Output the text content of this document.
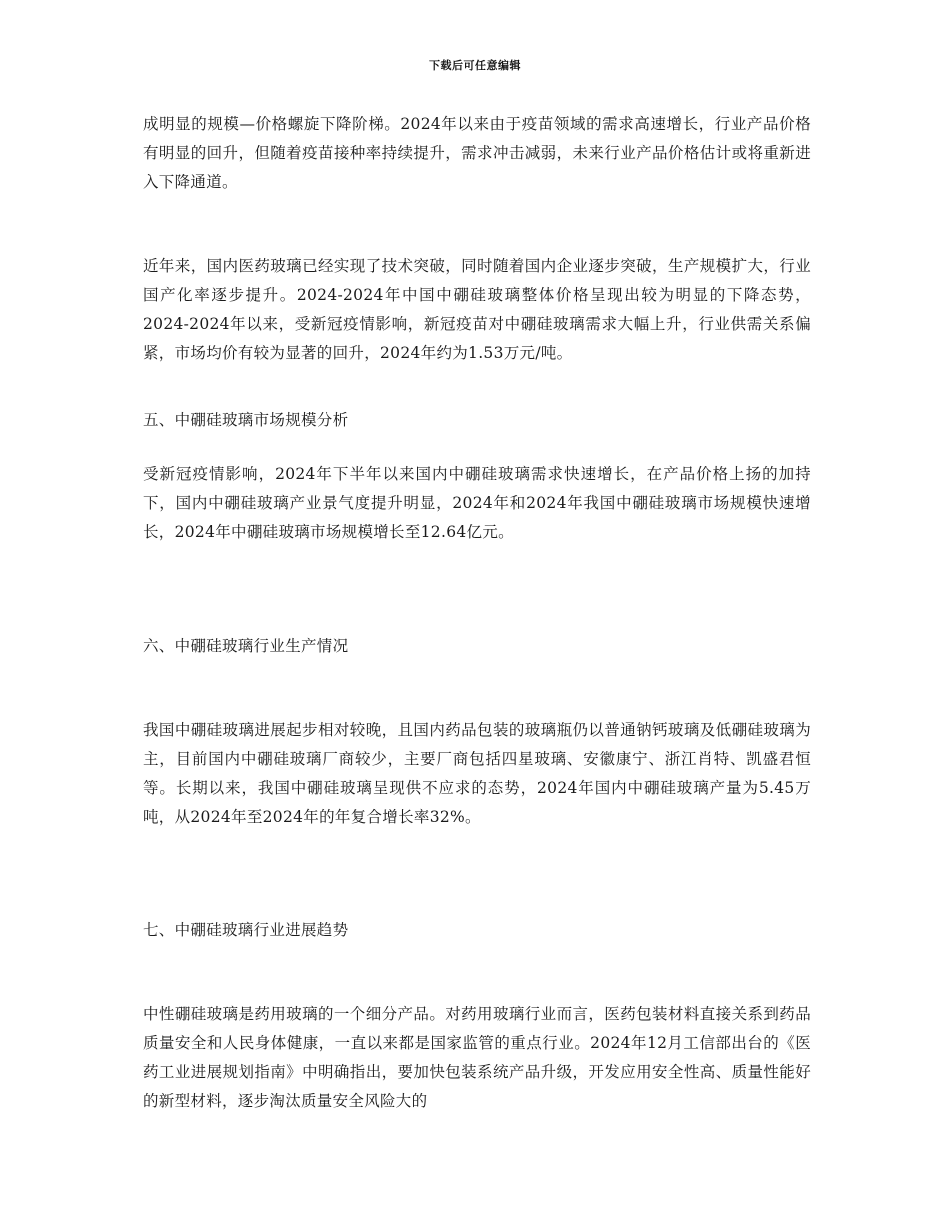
下载后可任意编辑

成明显的规模—价格螺旋下降阶梯。2024年以来由于疫苗领域的需求高速增长，行业产品价格有明显的回升，但随着疫苗接种率持续提升，需求冲击减弱，未来行业产品价格估计或将重新进入下降通道。

近年来，国内医药玻璃已经实现了技术突破，同时随着国内企业逐步突破，生产规模扩大，行业国产化率逐步提升。2024-2024年中国中硼硅玻璃整体价格呈现出较为明显的下降态势，2024-2024年以来，受新冠疫情影响，新冠疫苗对中硼硅玻璃需求大幅上升，行业供需关系偏紧，市场均价有较为显著的回升，2024年约为1.53万元/吨。

五、中硼硅玻璃市场规模分析

受新冠疫情影响，2024年下半年以来国内中硼硅玻璃需求快速增长，在产品价格上扬的加持下，国内中硼硅玻璃产业景气度提升明显，2024年和2024年我国中硼硅玻璃市场规模快速增长，2024年中硼硅玻璃市场规模增长至12.64亿元。

六、中硼硅玻璃行业生产情况

我国中硼硅玻璃进展起步相对较晚，且国内药品包装的玻璃瓶仍以普通钠钙玻璃及低硼硅玻璃为主，目前国内中硼硅玻璃厂商较少，主要厂商包括四星玻璃、安徽康宁、浙江肖特、凯盛君恒等。长期以来，我国中硼硅玻璃呈现供不应求的态势，2024年国内中硼硅玻璃产量为5.45万吨，从2024年至2024年的年复合增长率32%。

七、中硼硅玻璃行业进展趋势

中性硼硅玻璃是药用玻璃的一个细分产品。对药用玻璃行业而言，医药包装材料直接关系到药品质量安全和人民身体健康，一直以来都是国家监管的重点行业。2024年12月工信部出台的《医药工业进展规划指南》中明确指出，要加快包装系统产品升级，开发应用安全性高、质量性能好的新型材料，逐步淘汰质量安全风险大的
